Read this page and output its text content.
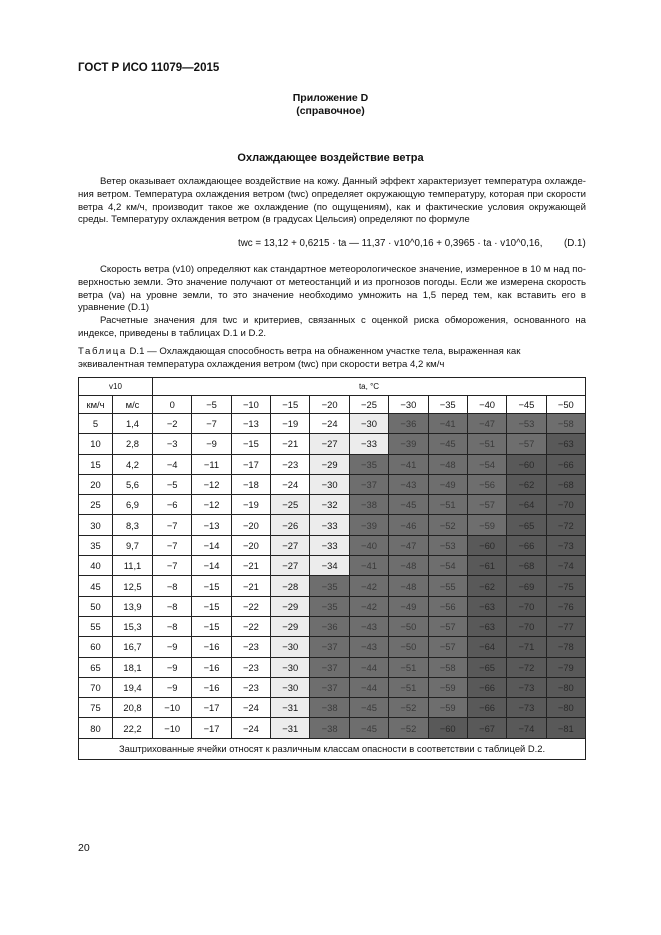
ГОСТ Р ИСО 11079—2015
Приложение D
(справочное)
Охлаждающее воздействие ветра
Ветер оказывает охлаждающее воздействие на кожу. Данный эффект характеризует температура охлажде-ния ветром. Температура охлаждения ветром (twc) определяет окружающую температуру, которая при скорости ветра 4,2 км/ч, производит такое же охлаждение (по ощущениям), как и фактические условия окружающей среды. Температуру охлаждения ветром (в градусах Цельсия) определяют по формуле
twc = 13,12 + 0,6215 · ta — 11,37 · v10^0,16 + 0,3965 · ta · v10^0,16, (D.1)
Скорость ветра (v10) определяют как стандартное метеорологическое значение, измеренное в 10 м над по-верхностью земли. Это значение получают от метеостанций и из прогнозов погоды. Если же измерена скорость ветра (va) на уровне земли, то это значение необходимо умножить на 1,5 перед тем, как вставить его в уравнение (D.1)
Расчетные значения для twc и критериев, связанных с оценкой риска обморожения, основанного на индексе, приведены в таблицах D.1 и D.2.
Таблица D.1 — Охлаждающая способность ветра на обнаженном участке тела, выраженная как эквивалентная температура охлаждения ветром (twc) при скорости ветра 4,2 км/ч
v10		ta, °C										
км/ч	м/с	0	−5	−10	−15	−20	−25	−30	−35	−40	−45	−50
5	1,4	−2	−7	−13	−19	−24	−30	−36	−41	−47	−53	−58
10	2,8	−3	−9	−15	−21	−27	−33	−39	−45	−51	−57	−63
15	4,2	−4	−11	−17	−23	−29	−35	−41	−48	−54	−60	−66
20	5,6	−5	−12	−18	−24	−30	−37	−43	−49	−56	−62	−68
25	6,9	−6	−12	−19	−25	−32	−38	−45	−51	−57	−64	−70
30	8,3	−7	−13	−20	−26	−33	−39	−46	−52	−59	−65	−72
35	9,7	−7	−14	−20	−27	−33	−40	−47	−53	−60	−66	−73
40	11,1	−7	−14	−21	−27	−34	−41	−48	−54	−61	−68	−74
45	12,5	−8	−15	−21	−28	−35	−42	−48	−55	−62	−69	−75
50	13,9	−8	−15	−22	−29	−35	−42	−49	−56	−63	−70	−76
55	15,3	−8	−15	−22	−29	−36	−43	−50	−57	−63	−70	−77
60	16,7	−9	−16	−23	−30	−37	−43	−50	−57	−64	−71	−78
65	18,1	−9	−16	−23	−30	−37	−44	−51	−58	−65	−72	−79
70	19,4	−9	−16	−23	−30	−37	−44	−51	−59	−66	−73	−80
75	20,8	−10	−17	−24	−31	−38	−45	−52	−59	−66	−73	−80
80	22,2	−10	−17	−24	−31	−38	−45	−52	−60	−67	−74	−81
Заштрихованные ячейки относят к различным классам опасности в соответствии с таблицей D.2.												
20
